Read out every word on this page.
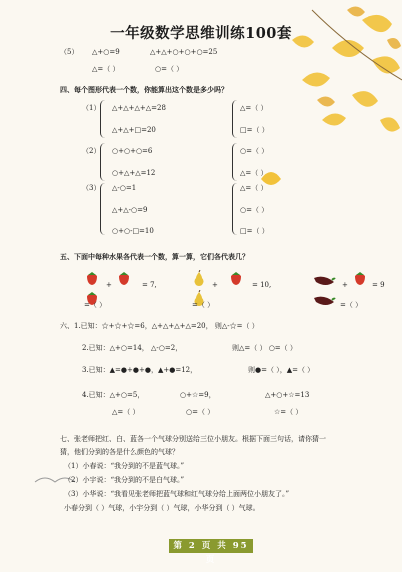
一年级数学思维训练100套
（5） △+○=9	△+△+○+○+○=25
△=（ ）	○=（ ）
四、每个图形代表一个数，你能算出这个数是多少吗？
（1） △+△+△+△=28
△+△+□=20
△=（ ）
□=（ ）
（2） ○+○+○=6
○+△+△=12
○=（ ）
△=（ ）
（3） △-○=1
△+△-○=9
○+○-□=10
△=（ ）
○=（ ）
□=（ ）
五、下面中每种水果各代表一个数，算一算，它们各代表几？
+	= 7,
=（ ）
+	= 10,
=（ ）
+	= 9
=（ ）
六、1.已知：☆+☆+☆=6，△+△+△+△=20， 则△-☆=（ ）
2.已知：△+○=14， △-○=2，	则△=（ ） ○=（ ）
3.已知：▲=●+●+●，▲+●=12，	则●=（ ），▲=（ ）
4.已知：△+○=5，	○+☆=9，	△+○+☆=13
△=（ ）	○=（ ）	☆=（ ）
七、张老师把红、白、蓝各一个气球分别送给三位小朋友。根据下面三句话，请你猜一
猜，他们分到的各是什么颜色的气球？
（1）小春说：“我分到的不是蓝气球。”
（2）小宇说：“我分到的不是白气球。”
（3）小华说：“我看见张老师把蓝气球和红气球分给上面两位小朋友了。”
小春分到（ ）气球，小宇分到（ ）气球，小华分到（ ）气球。
第 2 页 共 95 页
